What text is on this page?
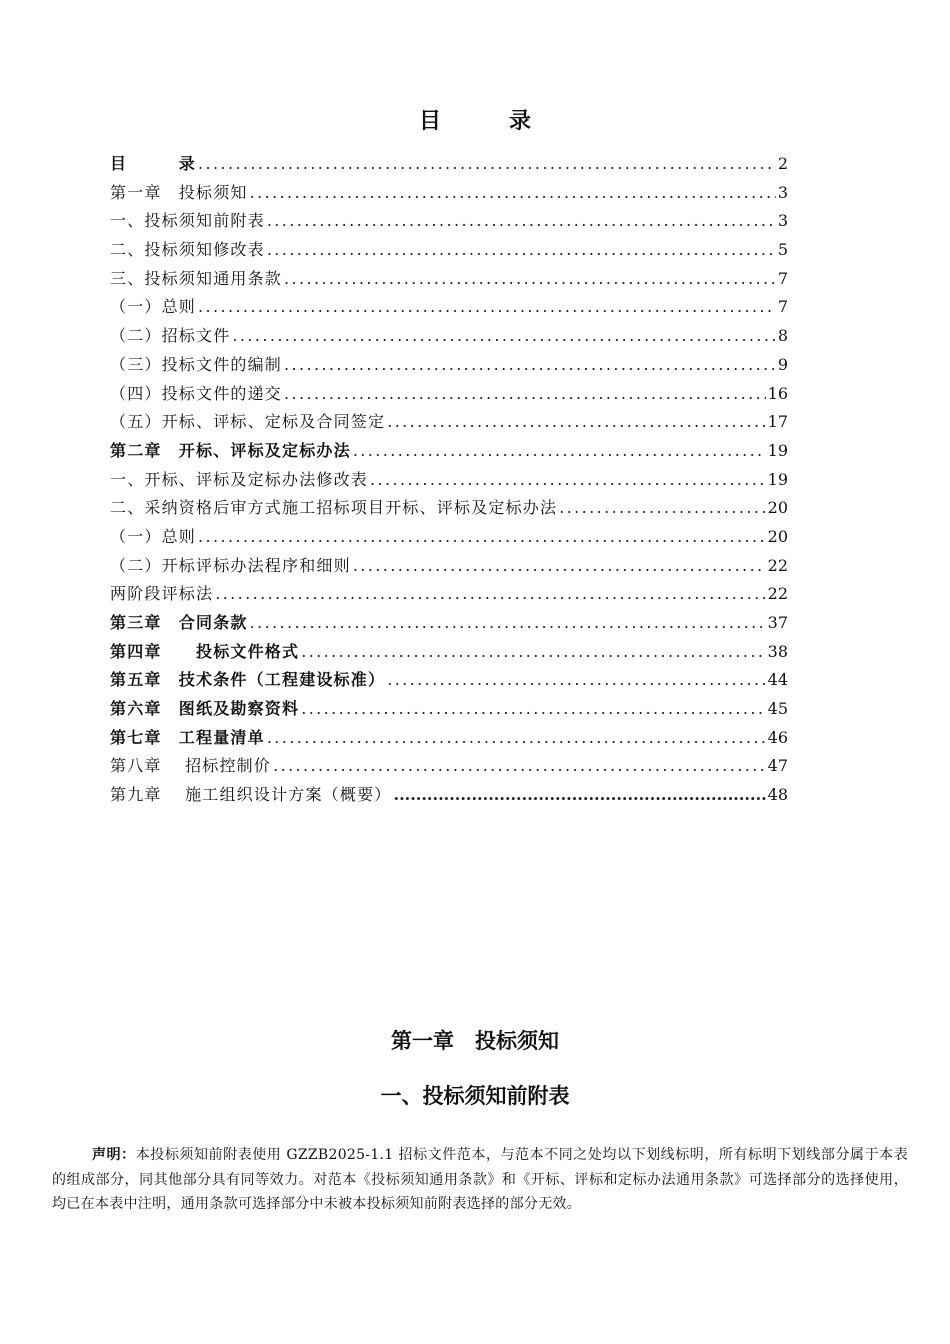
目录
目　　　录 .....	2
第一章　投标须知 .....	3
一、投标须知前附表 .....	3
二、投标须知修改表 .....	5
三、投标须知通用条款 .....	7
（一）总则 .....	7
（二）招标文件 .....	8
（三）投标文件的编制 .....	9
（四）投标文件的递交 .....	16
（五）开标、评标、定标及合同签定 .....	17
第二章　开标、评标及定标办法 .....	19
一、开标、评标及定标办法修改表 .....	19
二、采纳资格后审方式施工招标项目开标、评标及定标办法 .....	20
（一）总则 .....	20
（二）开标评标办法程序和细则 .....	22
两阶段评标法 .....	22
第三章　合同条款 .....	37
第四章　　投标文件格式 .....	38
第五章　技术条件（工程建设标准） .....	44
第六章　图纸及勘察资料 .....	45
第七章　工程量清单 .....	46
第八章　 招标控制价 .....	47
第九章　 施工组织设计方案（概要） .....	48
第一章　投标须知
一、投标须知前附表

声明：本投标须知前附表使用 GZZB2025-1.1 招标文件范本，与范本不同之处均以下划线标明，所有标明下划线部分属于本表的组成部分，同其他部分具有同等效力。对范本《投标须知通用条款》和《开标、评标和定标办法通用条款》可选择部分的选择使用，均已在本表中注明，通用条款可选择部分中未被本投标须知前附表选择的部分无效。
